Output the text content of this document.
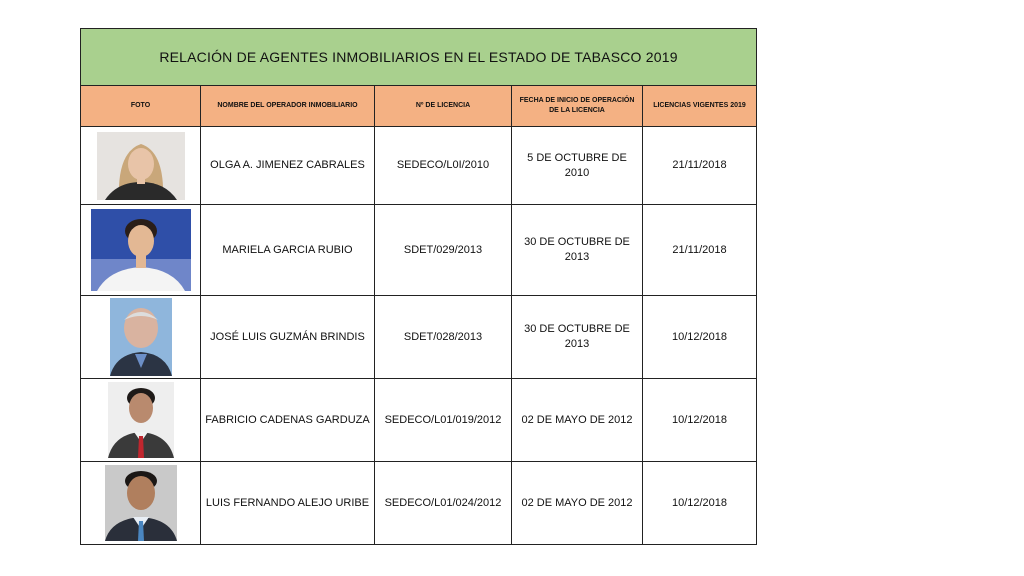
RELACIÓN DE AGENTES INMOBILIARIOS EN EL ESTADO DE TABASCO 2019				
FOTO	NOMBRE DEL OPERADOR INMOBILIARIO	Nº DE LICENCIA	FECHA DE INICIO DE OPERACIÓN DE LA LICENCIA	LICENCIAS VIGENTES 2019

	OLGA A. JIMENEZ CABRALES	SEDECO/L0I/2010	5 DE OCTUBRE DE 2010	21/11/2018

	MARIELA GARCIA RUBIO	SDET/029/2013	30 DE OCTUBRE DE 2013	21/11/2018

	JOSÉ LUIS GUZMÁN BRINDIS	SDET/028/2013	30 DE OCTUBRE DE 2013	10/12/2018

	FABRICIO CADENAS GARDUZA	SEDECO/L01/019/2012	02 DE MAYO DE 2012	10/12/2018

	LUIS FERNANDO ALEJO URIBE	SEDECO/L01/024/2012	02 DE MAYO DE 2012	10/12/2018
